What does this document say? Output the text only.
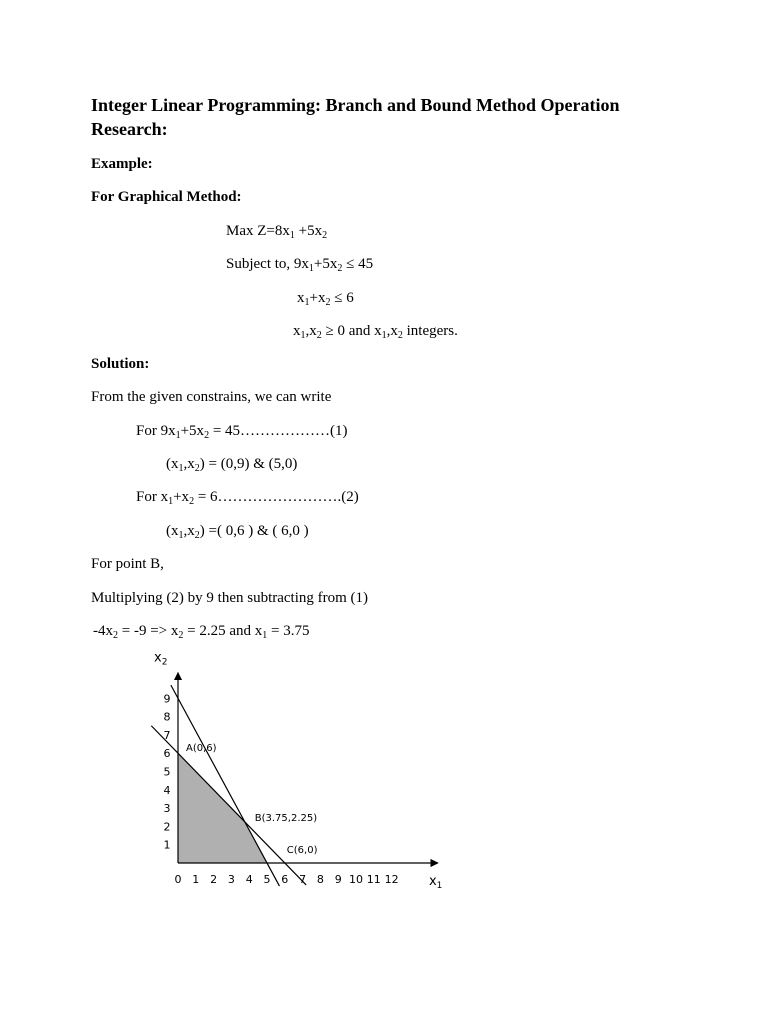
Integer Linear Programming: Branch and Bound Method Operation Research:
Example:
For Graphical Method:
Max $Z=8x_1 +5x_2$
Subject to, $9x_1+5x_2 \le 45$
$x_1+x_2 \le 6$
$x_1,x_2 \ge 0$ and $x_1,x_2$ integers.
Solution:
From the given constrains, we can write
For $9x_1+5x_2$ = 45………………(1)
$(x_1,x_2) = (0,9)$ & (5,0)
For $x_1+x_2$ = 6…………………….(2)
$(x_1,x_2)$ =( 0,6 ) & ( 6,0 )
For point B,
Multiplying (2) by 9 then subtracting from (1)
$-4x_2 = -9 => x_2 = 2.25$ and $x_1 = 3.75$
0 1 2 3 4 5 6 7 8 9 10 11 12
1
2
3
4
5
6
7
8
9
A(0,6)
B(3.75,2.25)
C(6,0)
$x_1$
$x_2$
